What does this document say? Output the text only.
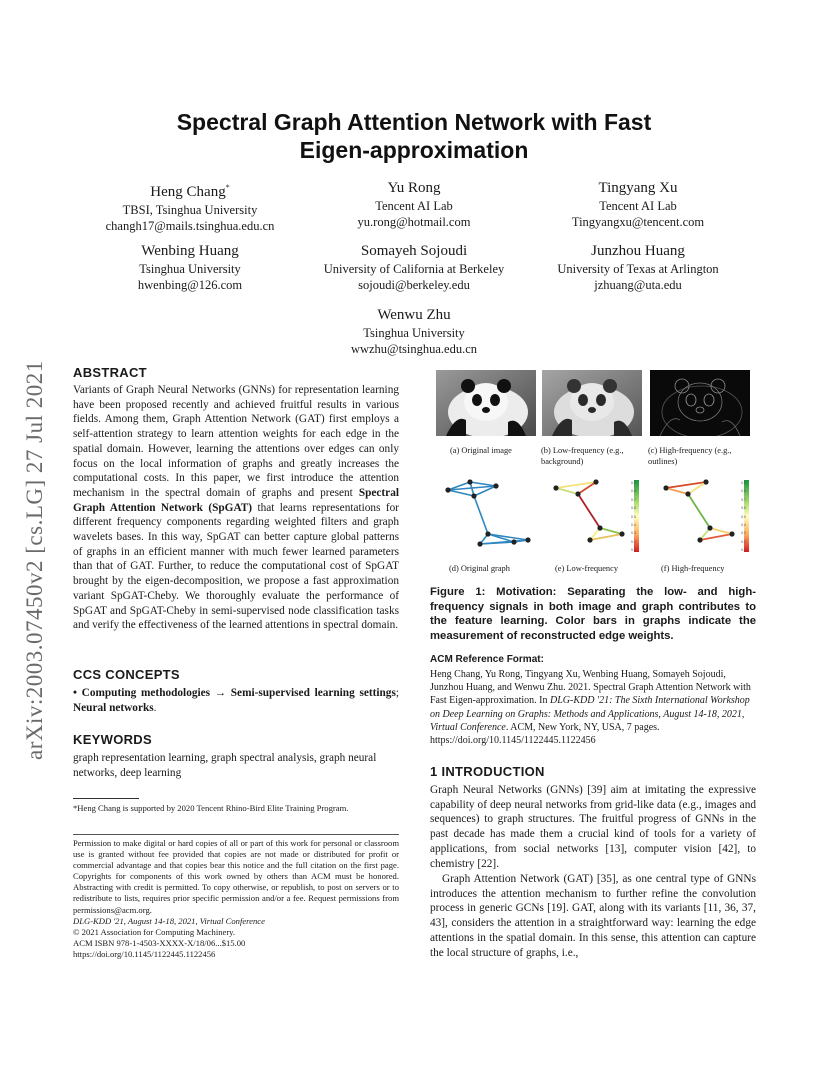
arXiv:2003.07450v2 [cs.LG] 27 Jul 2021
Spectral Graph Attention Network with Fast
Eigen-approximation
Heng Chang*
TBSI, Tsinghua University
changh17@mails.tsinghua.edu.cn
Yu Rong
Tencent AI Lab
yu.rong@hotmail.com
Tingyang Xu
Tencent AI Lab
Tingyangxu@tencent.com
Wenbing Huang
Tsinghua University
hwenbing@126.com
Somayeh Sojoudi
University of California at Berkeley
sojoudi@berkeley.edu
Junzhou Huang
University of Texas at Arlington
jzhuang@uta.edu
Wenwu Zhu
Tsinghua University
wwzhu@tsinghua.edu.cn
ABSTRACT
Variants of Graph Neural Networks (GNNs) for representation learning have been proposed recently and achieved fruitful results in various fields. Among them, Graph Attention Network (GAT) first employs a self-attention strategy to learn attention weights for each edge in the spatial domain. However, learning the attentions over edges can only focus on the local information of graphs and greatly increases the computational costs. In this paper, we first introduce the attention mechanism in the spectral domain of graphs and present Spectral Graph Attention Network (SpGAT) that learns representations for different frequency components regarding weighted filters and graph wavelets bases. In this way, SpGAT can better capture global patterns of graphs in an efficient manner with much fewer learned parameters than that of GAT. Further, to reduce the computational cost of SpGAT brought by the eigen-decomposition, we propose a fast approximation variant SpGAT-Cheby. We thoroughly evaluate the performance of SpGAT and SpGAT-Cheby in semi-supervised node classification tasks and verify the effectiveness of the learned attentions in spectral domain.
CCS CONCEPTS
• Computing methodologies → Semi-supervised learning settings; Neural networks.
KEYWORDS
graph representation learning, graph spectral analysis, graph neural networks, deep learning
*Heng Chang is supported by 2020 Tencent Rhino-Bird Elite Training Program.
Permission to make digital or hard copies of all or part of this work for personal or classroom use is granted without fee provided that copies are not made or distributed for profit or commercial advantage and that copies bear this notice and the full citation on the first page. Copyrights for components of this work owned by others than ACM must be honored. Abstracting with credit is permitted. To copy otherwise, or republish, to post on servers or to redistribute to lists, requires prior specific permission and/or a fee. Request permissions from permissions@acm.org.
DLG-KDD '21, August 14-18, 2021, Virtual Conference
© 2021 Association for Computing Machinery.
ACM ISBN 978-1-4503-XXXX-X/18/06...$15.00
https://doi.org/10.1145/1122445.1122456
(a) Original image	(b) Low-frequency (e.g., background)
(c) High-frequency (e.g., outlines)
0.9
0.8
0.7
0.6
0.5
0.4
0.3
0.2
0.1
0.9
0.8
0.7
0.6
0.5
0.4
0.3
0.2
0.1
(d) Original graph	(e) Low-frequency	(f) High-frequency
Figure 1: Motivation: Separating the low- and high-frequency signals in both image and graph contributes to the feature learning. Color bars in graphs indicate the measurement of reconstructed edge weights.
ACM Reference Format:
Heng Chang, Yu Rong, Tingyang Xu, Wenbing Huang, Somayeh Sojoudi, Junzhou Huang, and Wenwu Zhu. 2021. Spectral Graph Attention Network with Fast Eigen-approximation. In DLG-KDD '21: The Sixth International Workshop on Deep Learning on Graphs: Methods and Applications, August 14-18, 2021, Virtual Conference. ACM, New York, NY, USA, 7 pages. https://doi.org/10.1145/1122445.1122456
1 INTRODUCTION
Graph Neural Networks (GNNs) [39] aim at imitating the expressive capability of deep neural networks from grid-like data (e.g., images and sequences) to graph structures. The fruitful progress of GNNs in the past decade has made them a crucial kind of tools for a variety of applications, from social networks [13], computer vision [42], to chemistry [22].
Graph Attention Network (GAT) [35], as one central type of GNNs introduces the attention mechanism to further refine the convolution process in generic GCNs [19]. GAT, along with its variants [11, 36, 37, 43], considers the attention in a straightforward way: learning the edge attentions in the spatial domain. In this sense, this attention can capture the local structure of graphs, i.e.,
